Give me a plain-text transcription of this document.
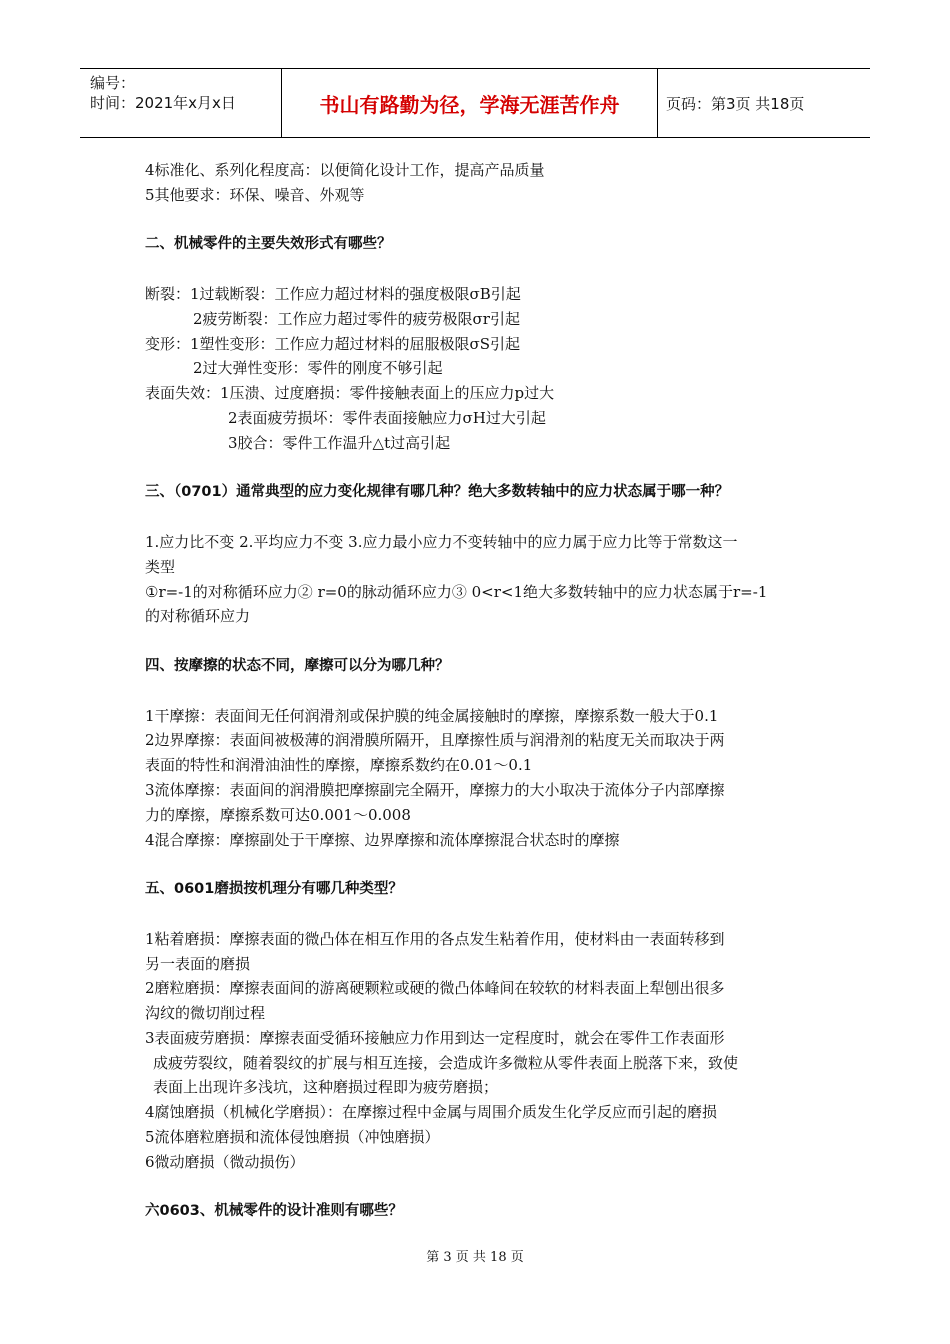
编号：
时间：2021年x月x日	书山有路勤为径，学海无涯苦作舟	页码：第3页 共18页
4标准化、系列化程度高：以便简化设计工作，提高产品质量
5其他要求：环保、噪音、外观等
二、机械零件的主要失效形式有哪些？
断裂：1过载断裂：工作应力超过材料的强度极限σB引起
2疲劳断裂：工作应力超过零件的疲劳极限σr引起
变形：1塑性变形：工作应力超过材料的屈服极限σS引起
2过大弹性变形：零件的刚度不够引起
表面失效：1压溃、过度磨损：零件接触表面上的压应力p过大
2表面疲劳损坏：零件表面接触应力σH过大引起
3胶合：零件工作温升△t过高引起
三、（0701）通常典型的应力变化规律有哪几种？绝大多数转轴中的应力状态属于哪一种？
1.应力比不变 2.平均应力不变 3.应力最小应力不变转轴中的应力属于应力比等于常数这一
类型
①r=-1的对称循环应力② r=0的脉动循环应力③ 0<r<1绝大多数转轴中的应力状态属于r=-1
的对称循环应力
四、按摩擦的状态不同，摩擦可以分为哪几种？
1干摩擦：表面间无任何润滑剂或保护膜的纯金属接触时的摩擦，摩擦系数一般大于0.1
2边界摩擦：表面间被极薄的润滑膜所隔开，且摩擦性质与润滑剂的粘度无关而取决于两
表面的特性和润滑油油性的摩擦，摩擦系数约在0.01～0.1
3流体摩擦：表面间的润滑膜把摩擦副完全隔开，摩擦力的大小取决于流体分子内部摩擦
力的摩擦，摩擦系数可达0.001～0.008
4混合摩擦：摩擦副处于干摩擦、边界摩擦和流体摩擦混合状态时的摩擦
五、0601磨损按机理分有哪几种类型？
1粘着磨损：摩擦表面的微凸体在相互作用的各点发生粘着作用，使材料由一表面转移到
另一表面的磨损
2磨粒磨损：摩擦表面间的游离硬颗粒或硬的微凸体峰间在较软的材料表面上犁刨出很多
沟纹的微切削过程
3表面疲劳磨损：摩擦表面受循环接触应力作用到达一定程度时，就会在零件工作表面形
成疲劳裂纹，随着裂纹的扩展与相互连接，会造成许多微粒从零件表面上脱落下来，致使
表面上出现许多浅坑，这种磨损过程即为疲劳磨损；
4腐蚀磨损（机械化学磨损）：在摩擦过程中金属与周围介质发生化学反应而引起的磨损
5流体磨粒磨损和流体侵蚀磨损（冲蚀磨损）
6微动磨损（微动损伤）
六0603、机械零件的设计准则有哪些？
第 3 页 共 18 页
